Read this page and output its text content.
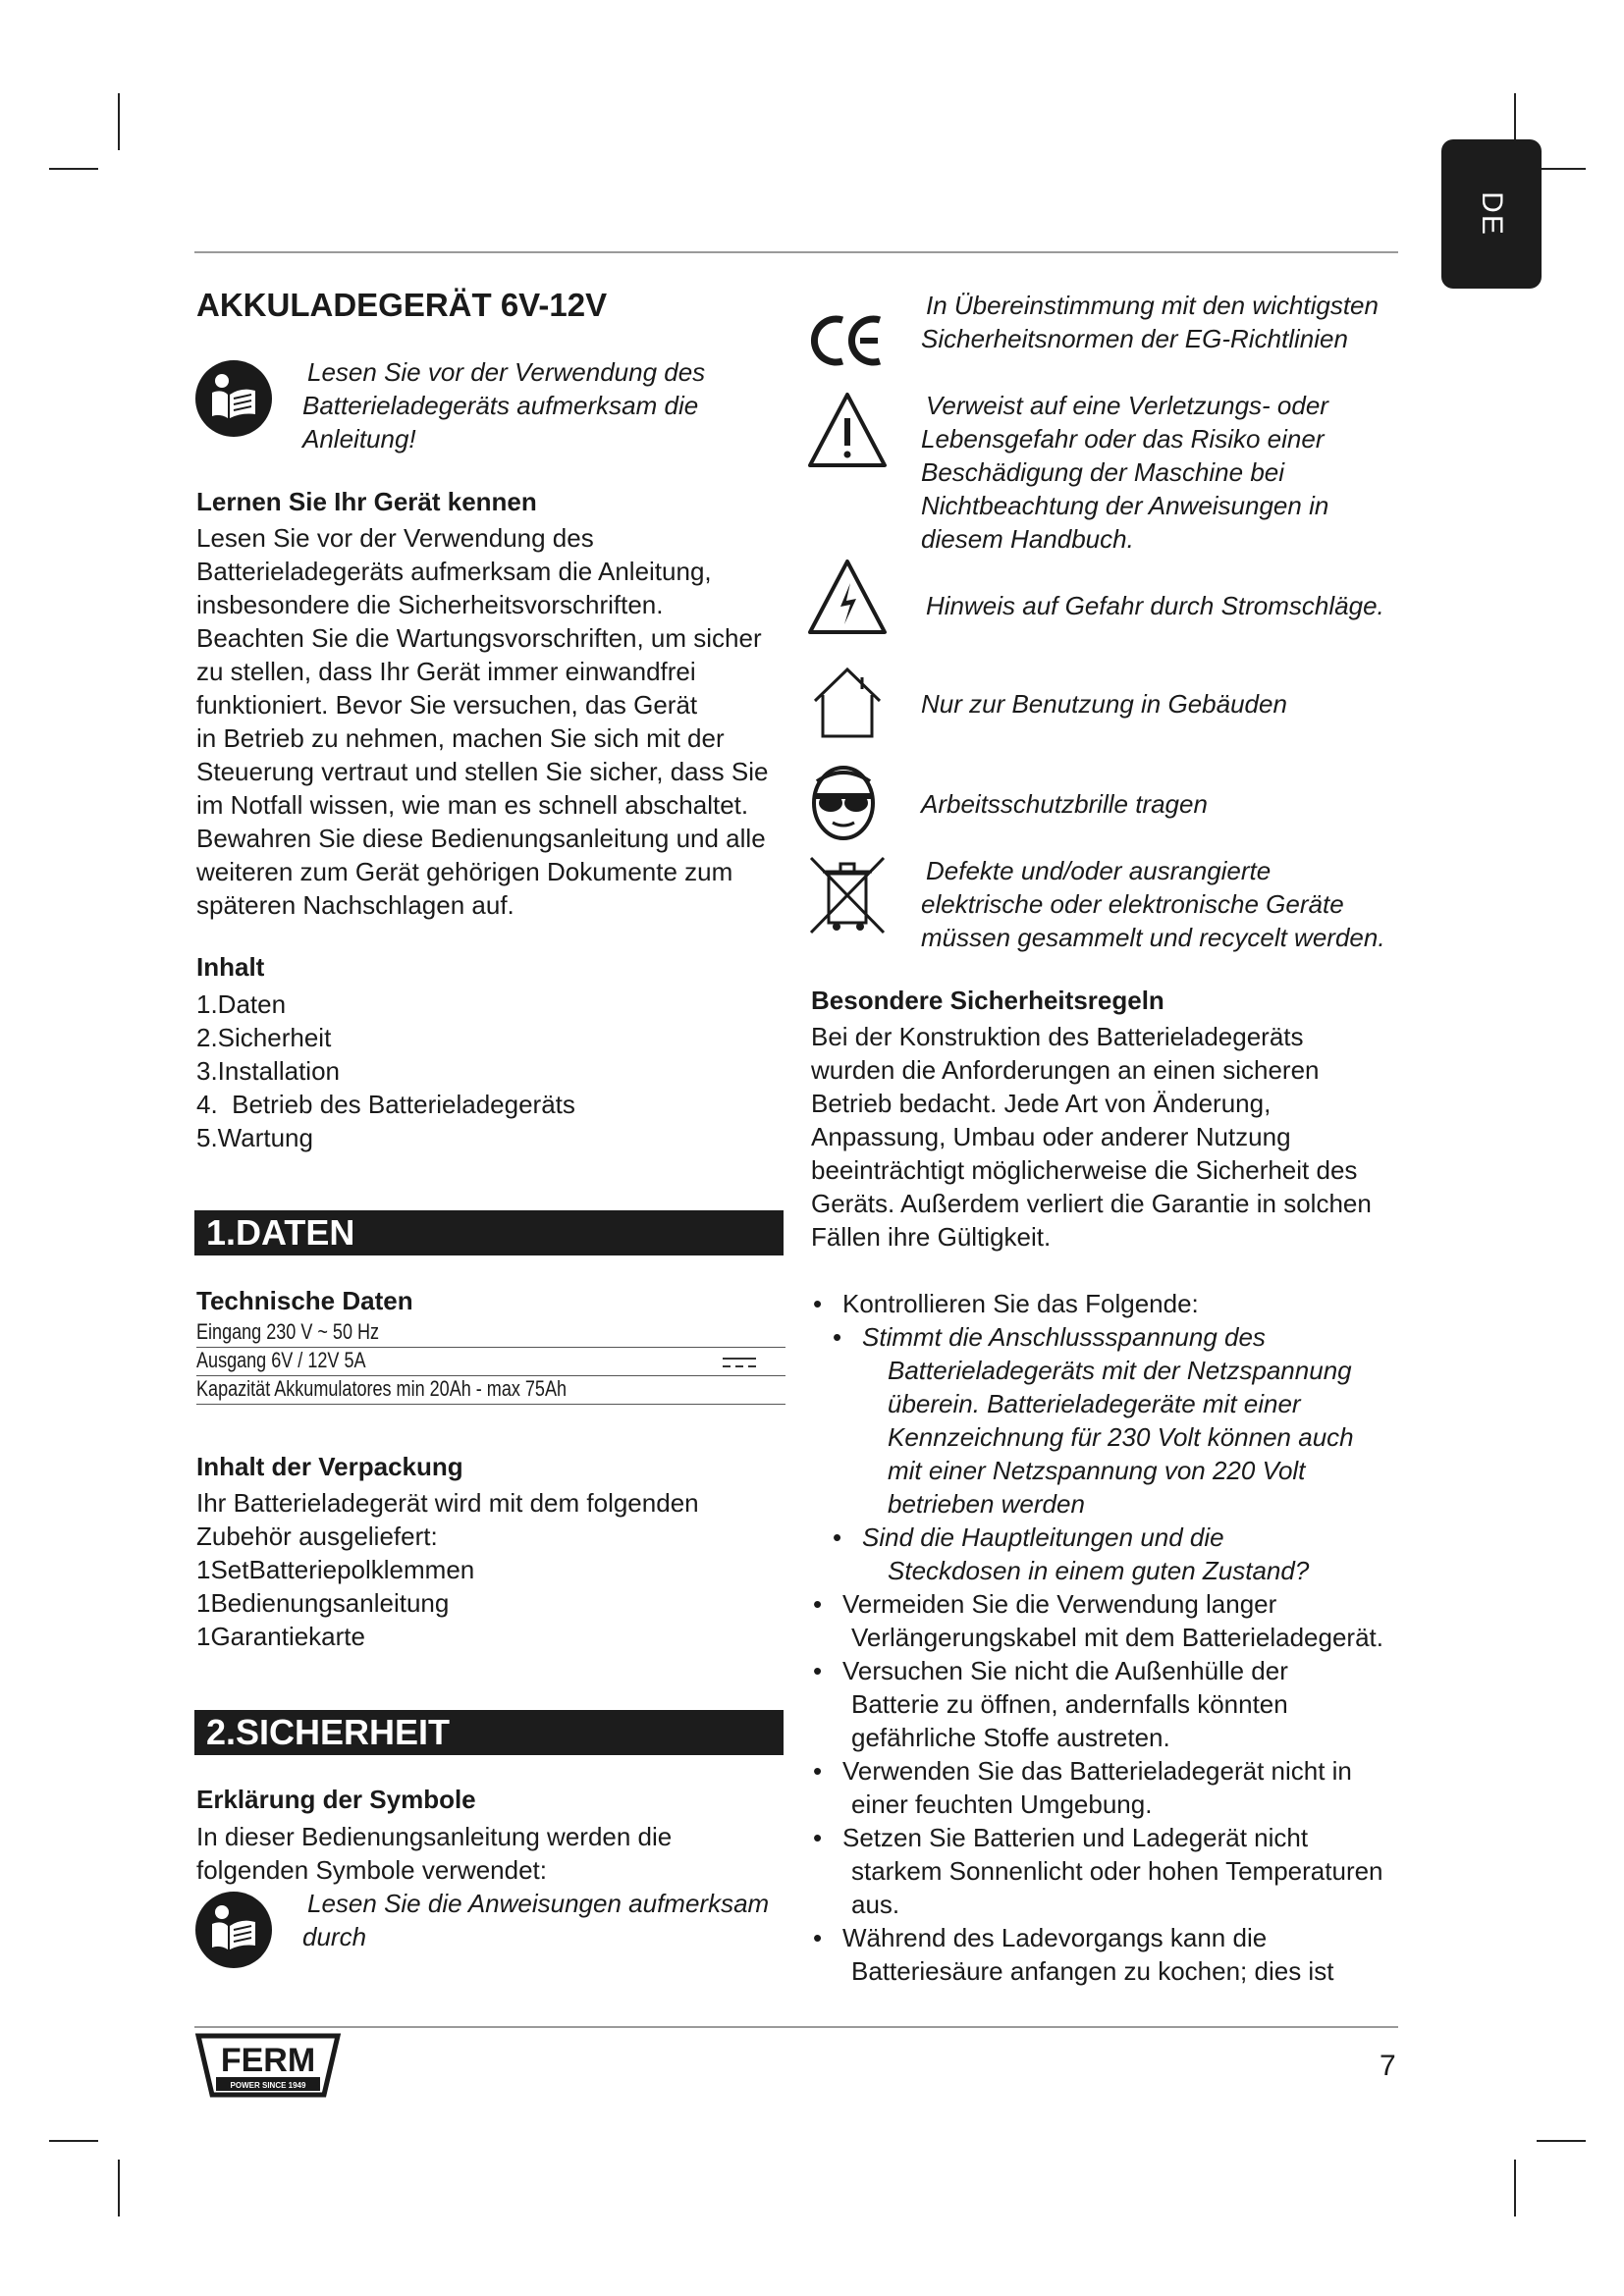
DE
AKKULADEGERÄT 6V-12V
Lesen Sie vor der Verwendung des
Batterieladegeräts aufmerksam die
Anleitung!
Lernen Sie Ihr Gerät kennen
Lesen Sie vor der Verwendung des
Batterieladegeräts aufmerksam die Anleitung,
insbesondere die Sicherheitsvorschriften.
Beachten Sie die Wartungsvorschriften, um sicher
zu stellen, dass Ihr Gerät immer einwandfrei
funktioniert. Bevor Sie versuchen, das Gerät
in Betrieb zu nehmen, machen Sie sich mit der
Steuerung vertraut und stellen Sie sicher, dass Sie
im Notfall wissen, wie man es schnell abschaltet.
Bewahren Sie diese Bedienungsanleitung und alle
weiteren zum Gerät gehörigen Dokumente zum
späteren Nachschlagen auf.
Inhalt
1.Daten
2.Sicherheit
3.Installation
4.  Betrieb des Batterieladegeräts
5.Wartung
1.DATEN
Technische Daten
Eingang 230 V ~ 50 Hz
Ausgang 6V / 12V 5A
Kapazität Akkumulatores min 20Ah - max 75Ah
Inhalt der Verpackung
Ihr Batterieladegerät wird mit dem folgenden
Zubehör ausgeliefert:
1SetBatteriepolklemmen
1Bedienungsanleitung
1Garantiekarte
2.SICHERHEIT
Erklärung der Symbole
In dieser Bedienungsanleitung werden die
folgenden Symbole verwendet:
Lesen Sie die Anweisungen aufmerksam
durch
In Übereinstimmung mit den wichtigsten
Sicherheitsnormen der EG-Richtlinien
Verweist auf eine Verletzungs- oder
Lebensgefahr oder das Risiko einer
Beschädigung der Maschine bei
Nichtbeachtung der Anweisungen in
diesem Handbuch.
Hinweis auf Gefahr durch Stromschläge.
Nur zur Benutzung in Gebäuden
Arbeitsschutzbrille tragen
Defekte und/oder ausrangierte
elektrische oder elektronische Geräte
müssen gesammelt und recycelt werden.
Besondere Sicherheitsregeln
Bei der Konstruktion des Batterieladegeräts
wurden die Anforderungen an einen sicheren
Betrieb bedacht. Jede Art von Änderung,
Anpassung, Umbau oder anderer Nutzung
beeinträchtigt möglicherweise die Sicherheit des
Geräts. Außerdem verliert die Garantie in solchen
Fällen ihre Gültigkeit.
• Kontrollieren Sie das Folgende:
• Stimmt die Anschlussspannung des
Batterieladegeräts mit der Netzspannung
überein. Batterieladegeräte mit einer
Kennzeichnung für 230 Volt können auch
mit einer Netzspannung von 220 Volt
betrieben werden
• Sind die Hauptleitungen und die
Steckdosen in einem guten Zustand?
• Vermeiden Sie die Verwendung langer
Verlängerungskabel mit dem Batterieladegerät.
• Versuchen Sie nicht die Außenhülle der
Batterie zu öffnen, andernfalls könnten
gefährliche Stoffe austreten.
• Verwenden Sie das Batterieladegerät nicht in
einer feuchten Umgebung.
• Setzen Sie Batterien und Ladegerät nicht
starkem Sonnenlicht oder hohen Temperaturen
aus.
• Während des Ladevorgangs kann die
Batteriesäure anfangen zu kochen; dies ist
FERM
POWER SINCE 1949
7
